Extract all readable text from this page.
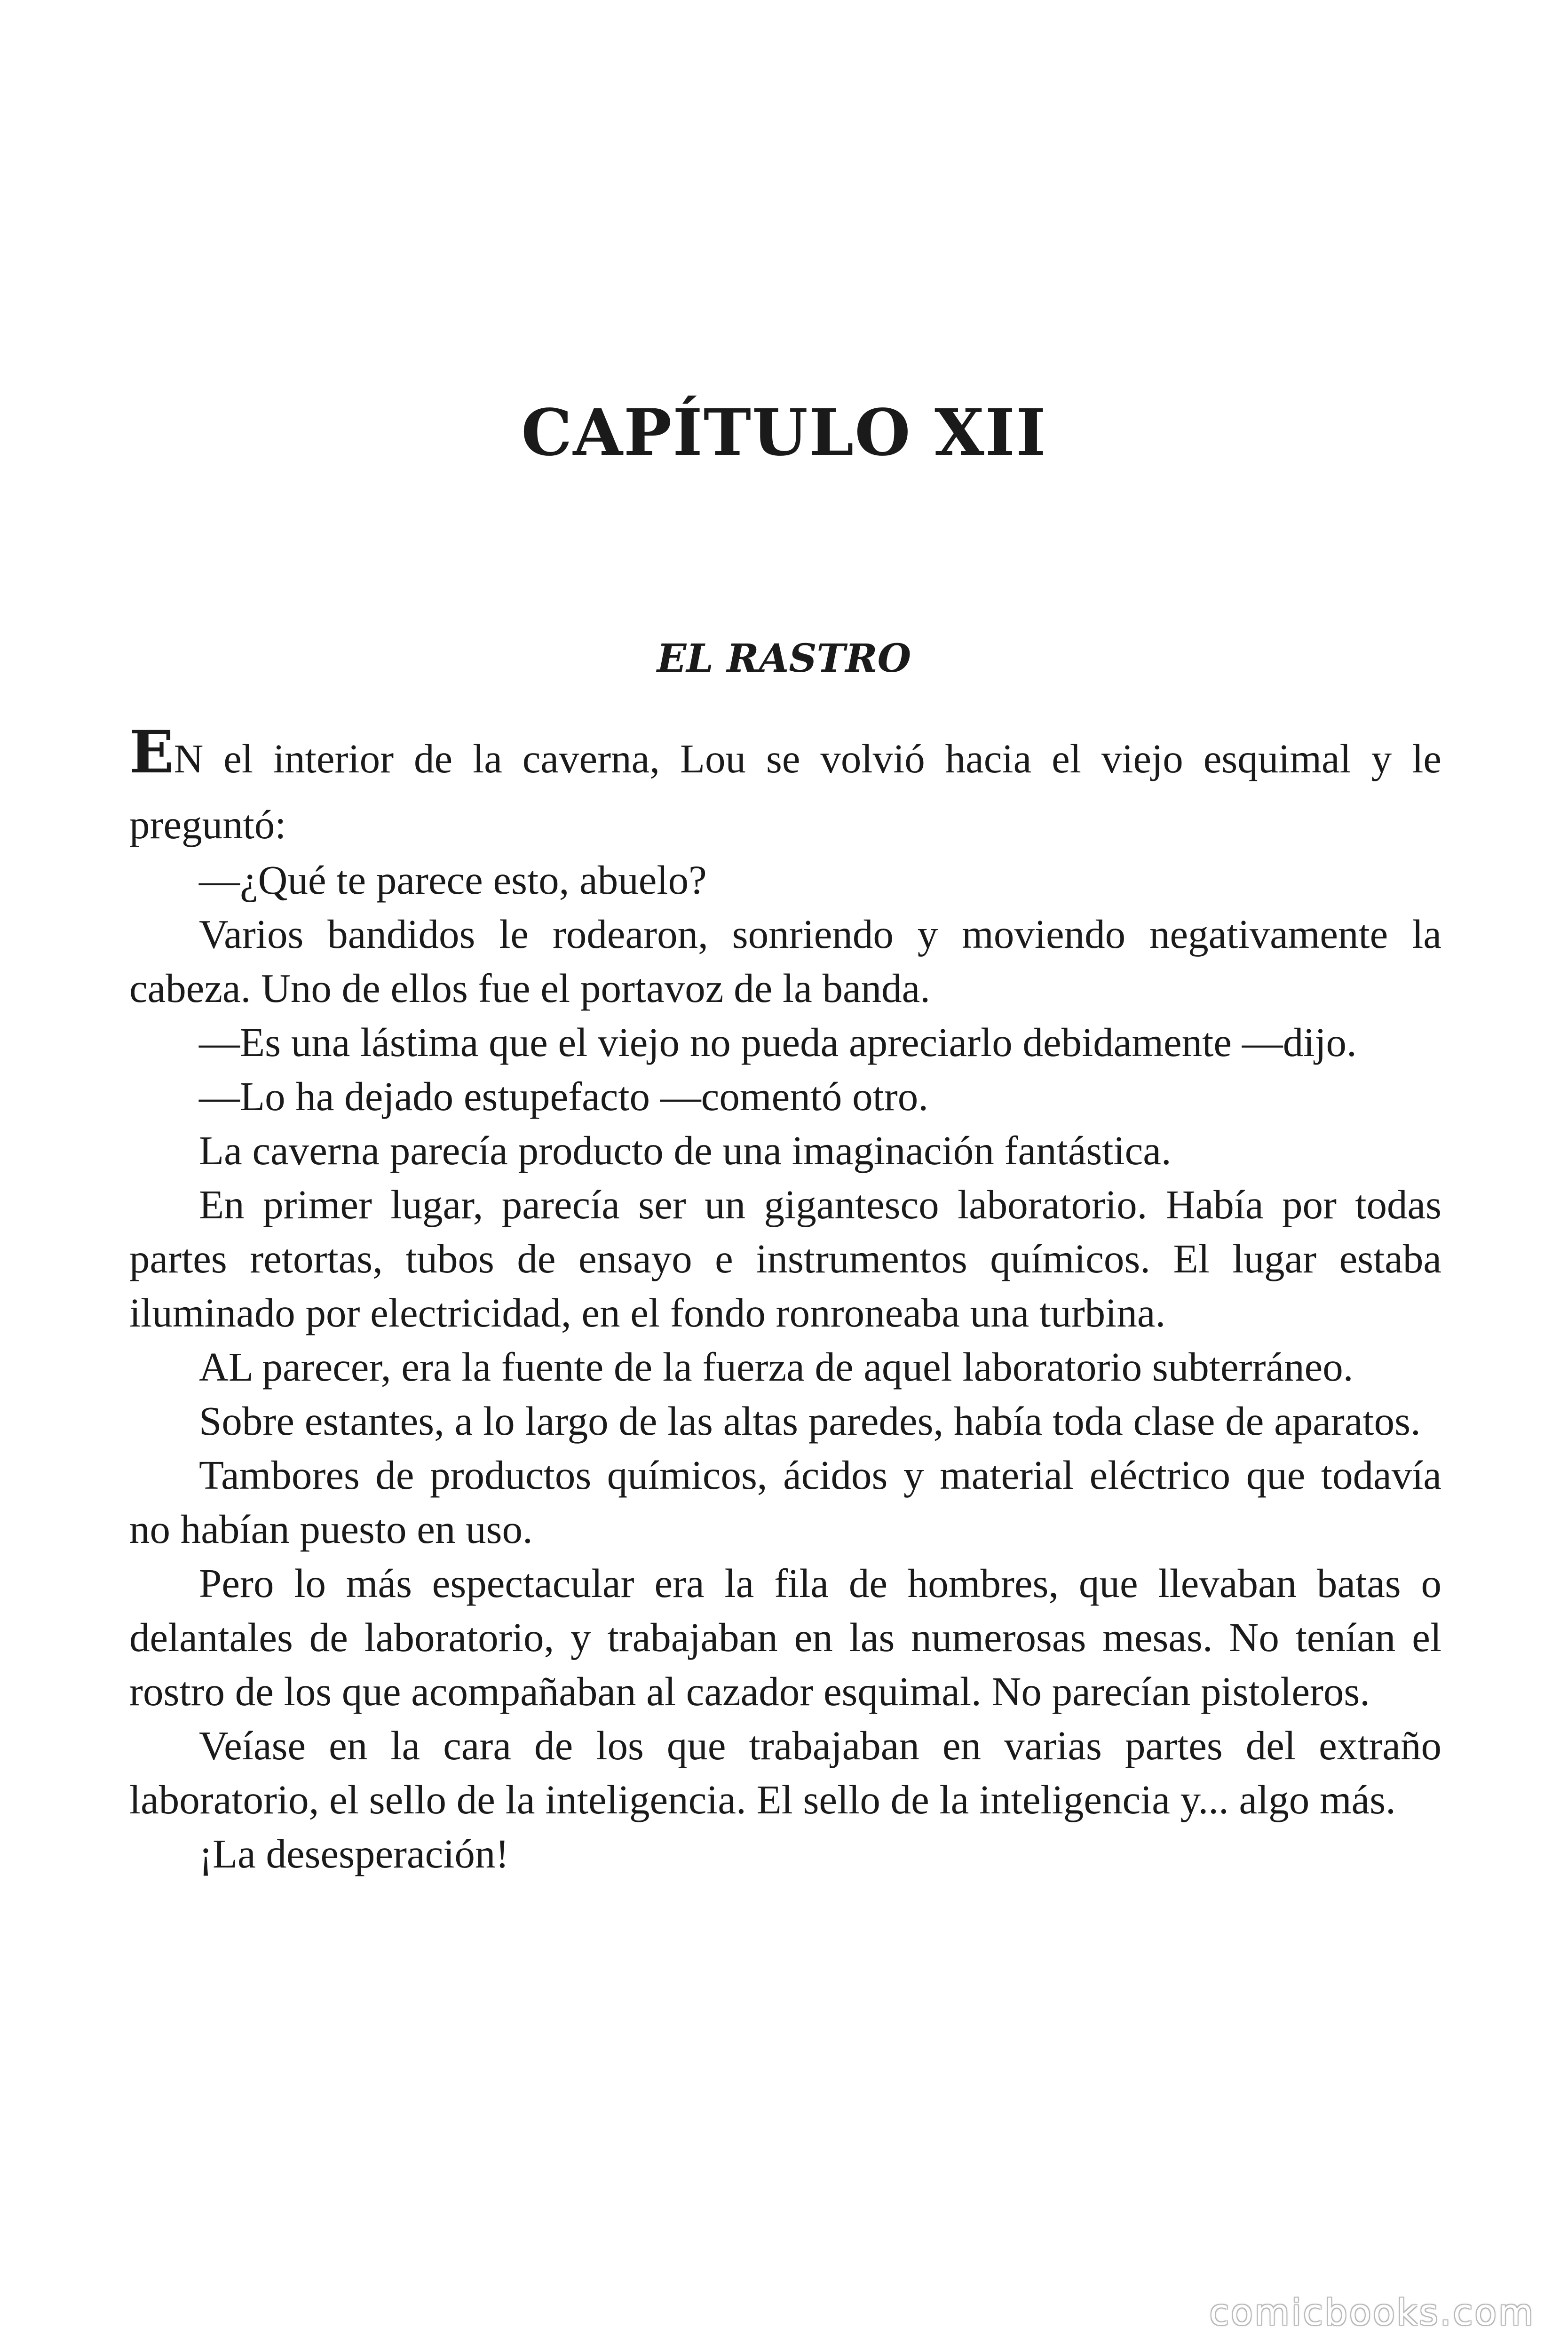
CAPÍTULO XII
EL RASTRO

EN el interior de la caverna, Lou se volvió hacia el viejo esquimal y le preguntó:

—¿Qué te parece esto, abuelo?

Varios bandidos le rodearon, sonriendo y moviendo negativamente la cabeza. Uno de ellos fue el portavoz de la banda.

—Es una lástima que el viejo no pueda apreciarlo debidamente —dijo.

—Lo ha dejado estupefacto —comentó otro.

La caverna parecía producto de una imaginación fantástica.

En primer lugar, parecía ser un gigantesco laboratorio. Había por todas partes retortas, tubos de ensayo e instrumentos químicos. El lugar estaba iluminado por electricidad, en el fondo ronroneaba una turbina.

AL parecer, era la fuente de la fuerza de aquel laboratorio subterráneo.

Sobre estantes, a lo largo de las altas paredes, había toda clase de aparatos.

Tambores de productos químicos, ácidos y material eléctrico que todavía no habían puesto en uso.

Pero lo más espectacular era la fila de hombres, que llevaban batas o delantales de laboratorio, y trabajaban en las numerosas mesas. No tenían el rostro de los que acompañaban al cazador esquimal. No parecían pistoleros.

Veíase en la cara de los que trabajaban en varias partes del extraño laboratorio, el sello de la inteligencia. El sello de la inteligencia y... algo más.

¡La desesperación!

comicbooks.com
